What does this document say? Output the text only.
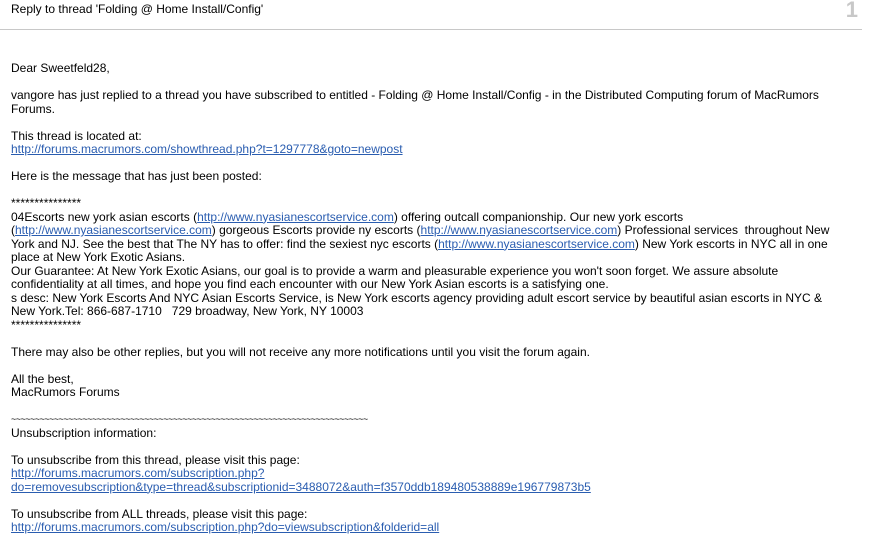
Reply to thread 'Folding @ Home Install/Config'	1

Dear Sweetfeld28,

vangore has just replied to a thread you have subscribed to entitled - Folding @ Home Install/Config - in the Distributed Computing forum of MacRumors Forums.

This thread is located at:
http://forums.macrumors.com/showthread.php?t=1297778&goto=newpost

Here is the message that has just been posted:

***************

04Escorts new york asian escorts (http://www.nyasianescortservice.com) offering outcall companionship. Our new york escorts (http://www.nyasianescortservice.com) gorgeous Escorts provide ny escorts (http://www.nyasianescortservice.com) Professional services  throughout New York and NJ. See the best that The NY has to offer: find the sexiest nyc escorts (http://www.nyasianescortservice.com) New York escorts in NYC all in one place at New York Exotic Asians.

Our Guarantee: At New York Exotic Asians, our goal is to provide a warm and pleasurable experience you won't soon forget. We assure absolute confidentiality at all times, and hope you find each encounter with our New York Asian escorts is a satisfying one.

s desc: New York Escorts And NYC Asian Escorts Service, is New York escorts agency providing adult escort service by beautiful asian escorts in NYC & New York.Tel: 866-687-1710   729 broadway, New York, NY 10003

***************

There may also be other replies, but you will not receive any more notifications until you visit the forum again.

All the best,
MacRumors Forums

~~~~~~~~~~~~~~~~~~~~~~~~~~~~~~~~~~~~~~~~~~~~~~~~~~~~~~~~~~~~~~~~~~~~~~~~~~~

Unsubscription information:

To unsubscribe from this thread, please visit this page:
http://forums.macrumors.com/subscription.php?
do=removesubscription&type=thread&subscriptionid=3488072&auth=f3570ddb189480538889e196779873b5

To unsubscribe from ALL threads, please visit this page:
http://forums.macrumors.com/subscription.php?do=viewsubscription&folderid=all
